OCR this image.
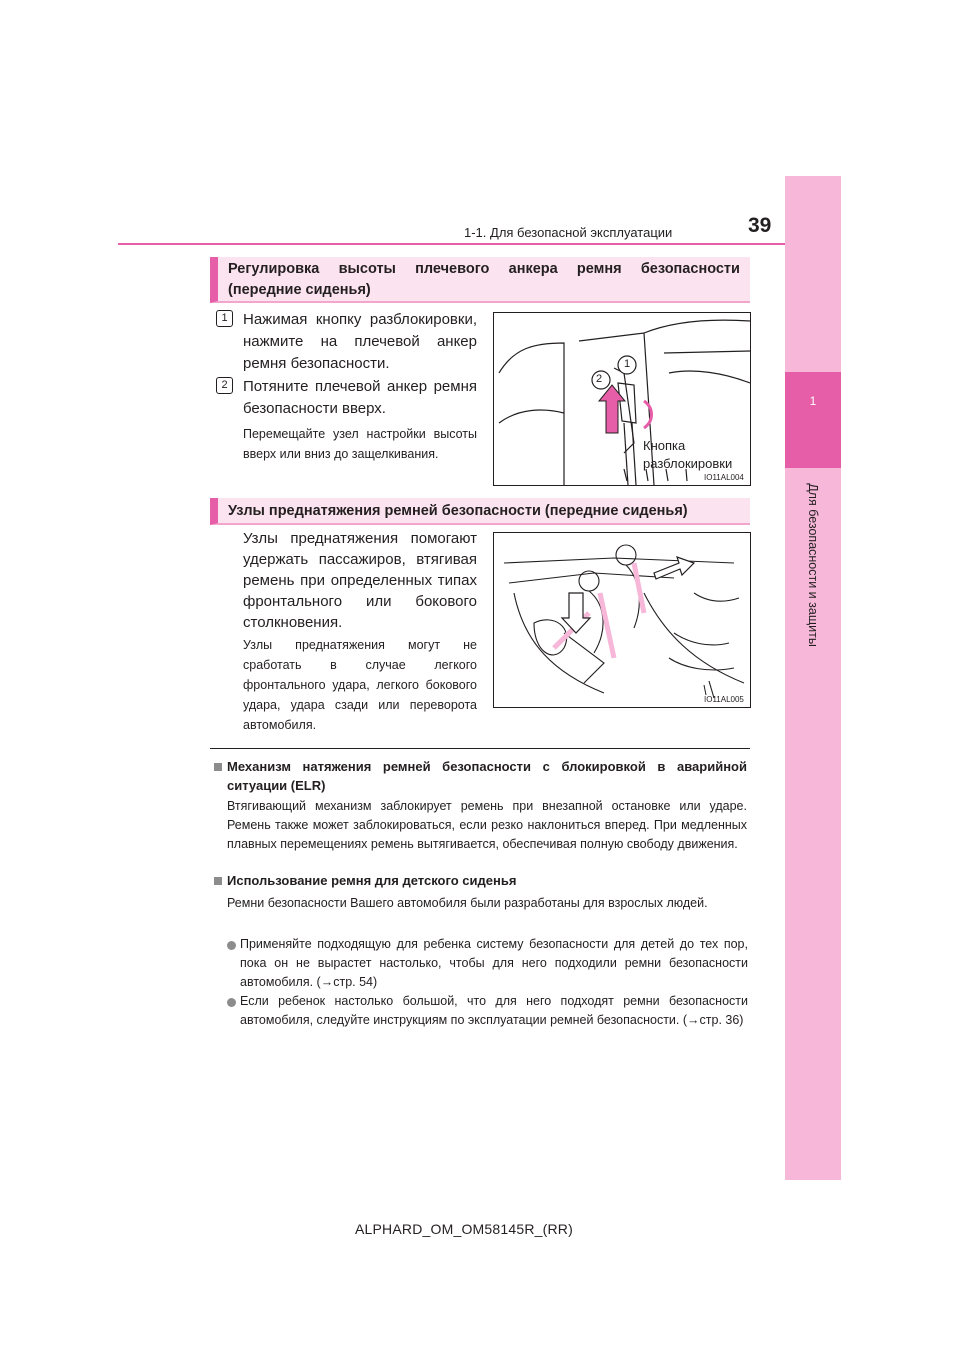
1-1. Для безопасной эксплуатации	39
1
Для безопасности и защиты
Регулировка высоты плечевого анкера ремня безопасности
(передние сиденья)
1	Нажимая кнопку разблокировки, нажмите на плечевой анкер ремня безопасности.
2	Потяните плечевой анкер ремня безопасности вверх.
Перемещайте узел настройки высоты вверх или вниз до защелкивания.
2
1
Кнопка
разблокировки
IO11AL004
Узлы преднатяжения ремней безопасности (передние сиденья)
Узлы преднатяжения помогают удержать пассажиров, втягивая ремень при определенных типах фронтального или бокового столкновения.
Узлы преднатяжения могут не сработать в случае легкого фронтального удара, легкого бокового удара, удара сзади или переворота автомобиля.
IO11AL005
Механизм натяжения ремней безопасности с блокировкой в аварийной ситуации (ELR)
Втягивающий механизм заблокирует ремень при внезапной остановке или ударе. Ремень также может заблокироваться, если резко наклониться вперед. При медленных плавных перемещениях ремень вытягивается, обеспечивая полную свободу движения.
Использование ремня для детского сиденья
Ремни безопасности Вашего автомобиля были разработаны для взрослых людей.
Применяйте подходящую для ребенка систему безопасности для детей до тех пор, пока он не вырастет настолько, чтобы для него подходили ремни безопасности автомобиля. (→стр. 54)
Если ребенок настолько большой, что для него подходят ремни безопасности автомобиля, следуйте инструкциям по эксплуатации ремней безопасности. (→стр. 36)
ALPHARD_OM_OM58145R_(RR)
